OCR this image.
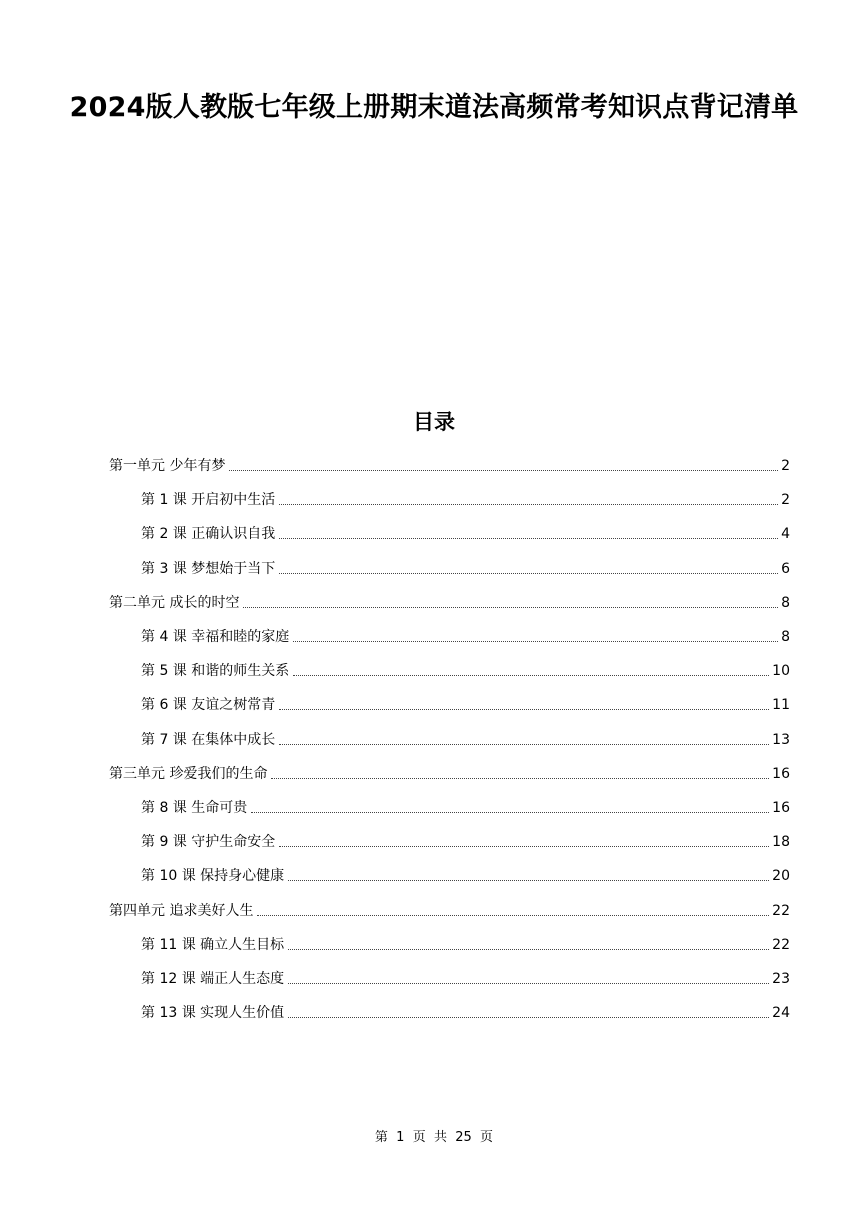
2024版人教版七年级上册期末道法高频常考知识点背记清单
目录
第一单元 少年有梦	2
第 1 课 开启初中生活	2
第 2 课 正确认识自我	4
第 3 课 梦想始于当下	6
第二单元 成长的时空	8
第 4 课 幸福和睦的家庭	8
第 5 课 和谐的师生关系	10
第 6 课 友谊之树常青	11
第 7 课 在集体中成长	13
第三单元 珍爱我们的生命	16
第 8 课 生命可贵	16
第 9 课 守护生命安全	18
第 10 课 保持身心健康	20
第四单元 追求美好人生	22
第 11 课 确立人生目标	22
第 12 课 端正人生态度	23
第 13 课 实现人生价值	24
第  1  页  共  25  页
